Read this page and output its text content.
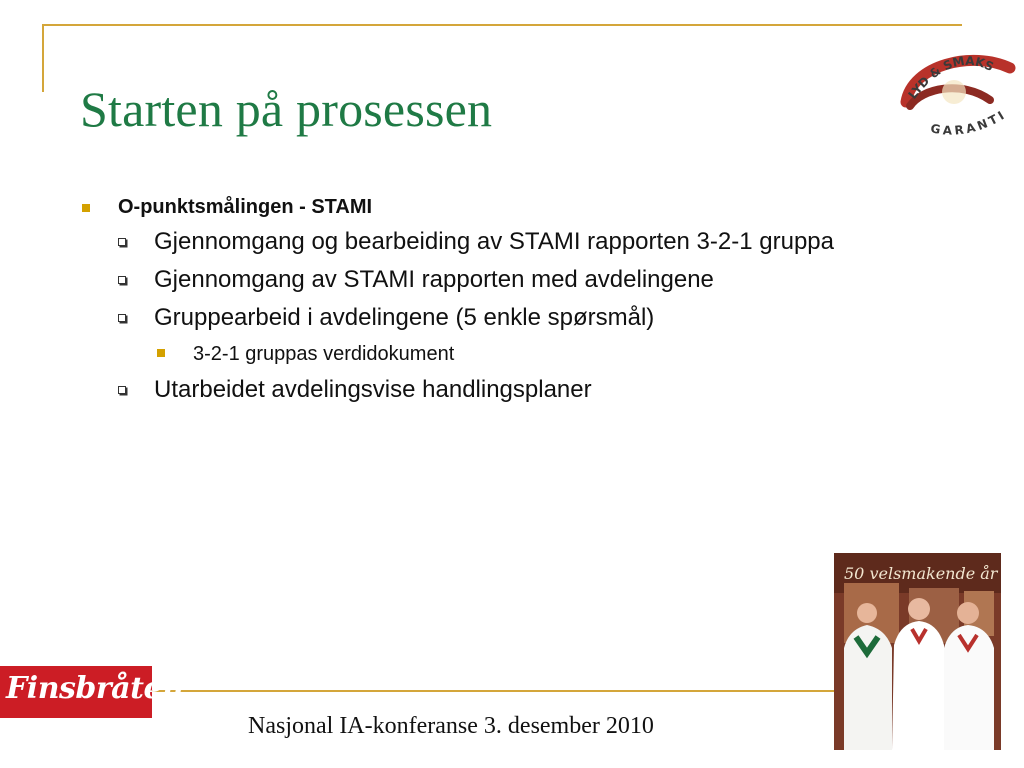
Starten på prosessen
O-punktsmålingen - STAMI
Gjennomgang og bearbeiding av STAMI rapporten 3-2-1 gruppa
Gjennomgang av STAMI rapporten med avdelingene
Gruppearbeid i avdelingene (5 enkle spørsmål)
3-2-1 gruppas verdidokument
Utarbeidet avdelingsvise handlingsplaner
Nasjonal IA-konferanse 3. desember 2010
LYD & SMAKS
GARANTI
Finsbråten
50 velsmakende år
